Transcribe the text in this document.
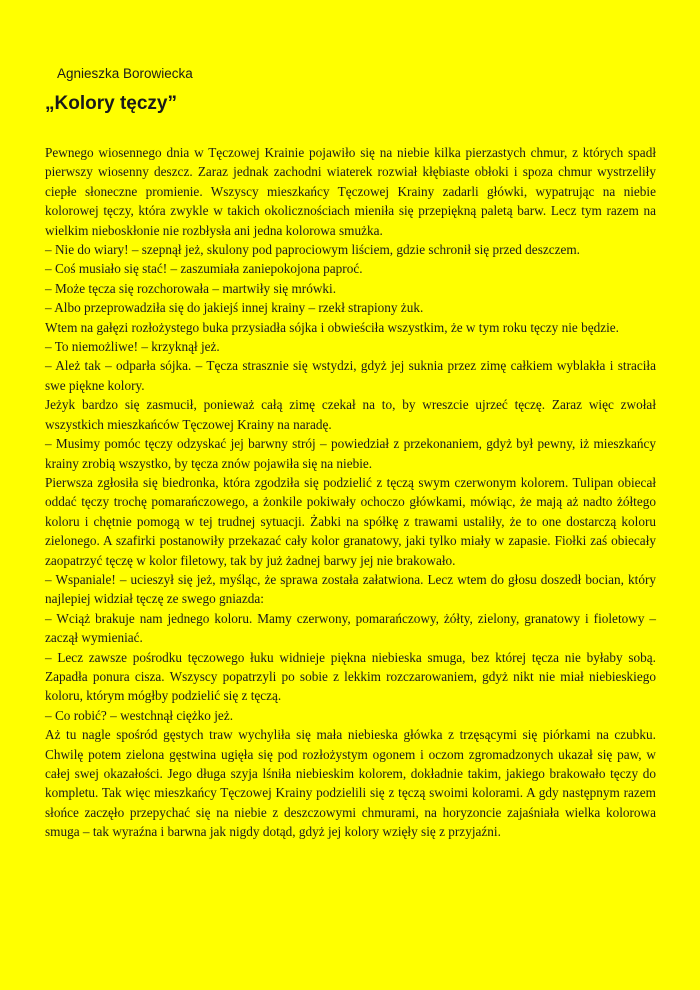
Agnieszka Borowiecka
„Kolory tęczy”

Pewnego wiosennego dnia w Tęczowej Krainie pojawiło się na niebie kilka pierzastych chmur, z których spadł pierwszy wiosenny deszcz. Zaraz jednak zachodni wiaterek rozwiał kłębiaste obłoki i spoza chmur wystrzeliły ciepłe słoneczne promienie. Wszyscy mieszkańcy Tęczowej Krainy zadarli główki, wypatrując na niebie kolorowej tęczy, która zwykle w takich okolicznościach mieniła się przepiękną paletą barw. Lecz tym razem na wielkim nieboskłonie nie rozbłysła ani jedna kolorowa smużka.

– Nie do wiary! – szepnął jeż, skulony pod paprociowym liściem, gdzie schronił się przed deszczem.

– Coś musiało się stać! – zaszumiała zaniepokojona paproć.

– Może tęcza się rozchorowała – martwiły się mrówki.

– Albo przeprowadziła się do jakiejś innej krainy – rzekł strapiony żuk.

Wtem na gałęzi rozłożystego buka przysiadła sójka i obwieściła wszystkim, że w tym roku tęczy nie będzie.

– To niemożliwe! – krzyknął jeż.

– Ależ tak – odparła sójka. – Tęcza strasznie się wstydzi, gdyż jej suknia przez zimę całkiem wyblakła i straciła swe piękne kolory.

Jeżyk bardzo się zasmucił, ponieważ całą zimę czekał na to, by wreszcie ujrzeć tęczę. Zaraz więc zwołał wszystkich mieszkańców Tęczowej Krainy na naradę.

– Musimy pomóc tęczy odzyskać jej barwny strój – powiedział z przekonaniem, gdyż był pewny, iż mieszkańcy krainy zrobią wszystko, by tęcza znów pojawiła się na niebie.

Pierwsza zgłosiła się biedronka, która zgodziła się podzielić z tęczą swym czerwonym kolorem. Tulipan obiecał oddać tęczy trochę pomarańczowego, a żonkile pokiwały ochoczo główkami, mówiąc, że mają aż nadto żółtego koloru i chętnie pomogą w tej trudnej sytuacji. Żabki na spółkę z trawami ustaliły, że to one dostarczą koloru zielonego. A szafirki postanowiły przekazać cały kolor granatowy, jaki tylko miały w zapasie. Fiołki zaś obiecały zaopatrzyć tęczę w kolor filetowy, tak by już żadnej barwy jej nie brakowało.

– Wspaniale! – ucieszył się jeż, myśląc, że sprawa została załatwiona. Lecz wtem do głosu doszedł bocian, który najlepiej widział tęczę ze swego gniazda:

– Wciąż brakuje nam jednego koloru. Mamy czerwony, pomarańczowy, żółty, zielony, granatowy i fioletowy – zaczął wymieniać.

– Lecz zawsze pośrodku tęczowego łuku widnieje piękna niebieska smuga, bez której tęcza nie byłaby sobą. Zapadła ponura cisza. Wszyscy popatrzyli po sobie z lekkim rozczarowaniem, gdyż nikt nie miał niebieskiego koloru, którym mógłby podzielić się z tęczą.

– Co robić? – westchnął ciężko jeż.

Aż tu nagle spośród gęstych traw wychyliła się mała niebieska główka z trzęsącymi się piórkami na czubku. Chwilę potem zielona gęstwina ugięła się pod rozłożystym ogonem i oczom zgromadzonych ukazał się paw, w całej swej okazałości. Jego długa szyja lśniła niebieskim kolorem, dokładnie takim, jakiego brakowało tęczy do kompletu. Tak więc mieszkańcy Tęczowej Krainy podzielili się z tęczą swoimi kolorami. A gdy następnym razem słońce zaczęło przepychać się na niebie z deszczowymi chmurami, na horyzoncie zajaśniała wielka kolorowa smuga – tak wyraźna i barwna jak nigdy dotąd, gdyż jej kolory wzięły się z przyjaźni.
